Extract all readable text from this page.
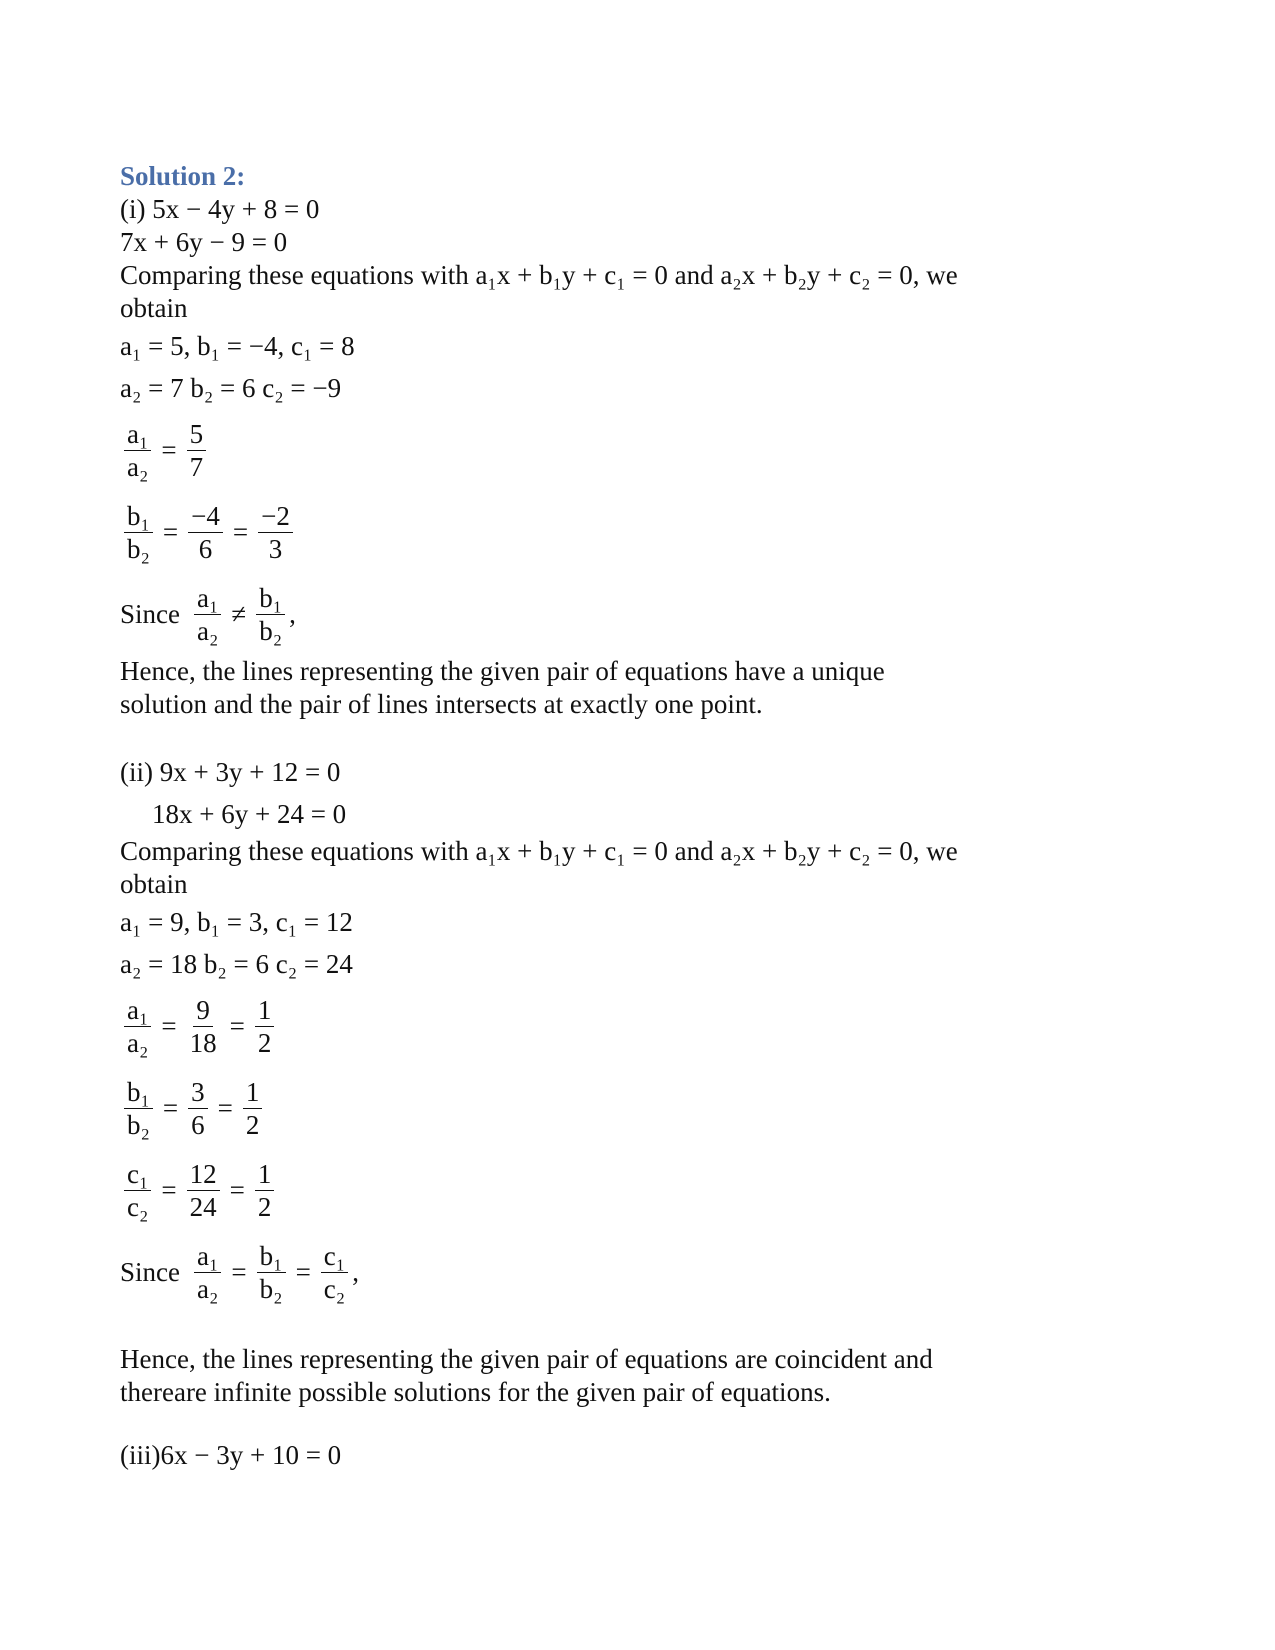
Solution 2:
(i) 5x − 4y + 8 = 0
7x + 6y − 9 = 0
Comparing these equations with a₁x + b₁y + c₁ = 0 and a₂x + b₂y + c₂ = 0, we
obtain
a₁ = 5, b₁ = −4, c₁ = 8
a₂ = 7 b₂ = 6 c₂ = −9
$\frac{\text{a₁}}{\text{a₂}} = \frac{5}{7}$
$\frac{\text{b₁}}{\text{b₂}} = \frac{-4}{6} = \frac{-2}{3}$
Since $\frac{\text{a₁}}{\text{a₂}} \ne \frac{\text{b₁}}{\text{b₂}}$ ,
Hence, the lines representing the given pair of equations have a unique
solution and the pair of lines intersects at exactly one point.
(ii) 9x + 3y + 12 = 0
18x + 6y + 24 = 0
Comparing these equations with a₁x + b₁y + c₁ = 0 and a₂x + b₂y + c₂ = 0, we
obtain
a₁ = 9, b₁ = 3, c₁ = 12
a₂ = 18 b₂ = 6 c₂ = 24
$\frac{\text{a₁}}{\text{a₂}} = \frac{9}{18} = \frac{1}{2}$
$\frac{\text{b₁}}{\text{b₂}} = \frac{3}{6} = \frac{1}{2}$
$\frac{\text{c₁}}{\text{c₂}} = \frac{12}{24} = \frac{1}{2}$
Since $\frac{\text{a₁}}{\text{a₂}} = \frac{\text{b₁}}{\text{b₂}} = \frac{\text{c₁}}{\text{c₂}}$ ,
Hence, the lines representing the given pair of equations are coincident and
thereare infinite possible solutions for the given pair of equations.
(iii)6x − 3y + 10 = 0
